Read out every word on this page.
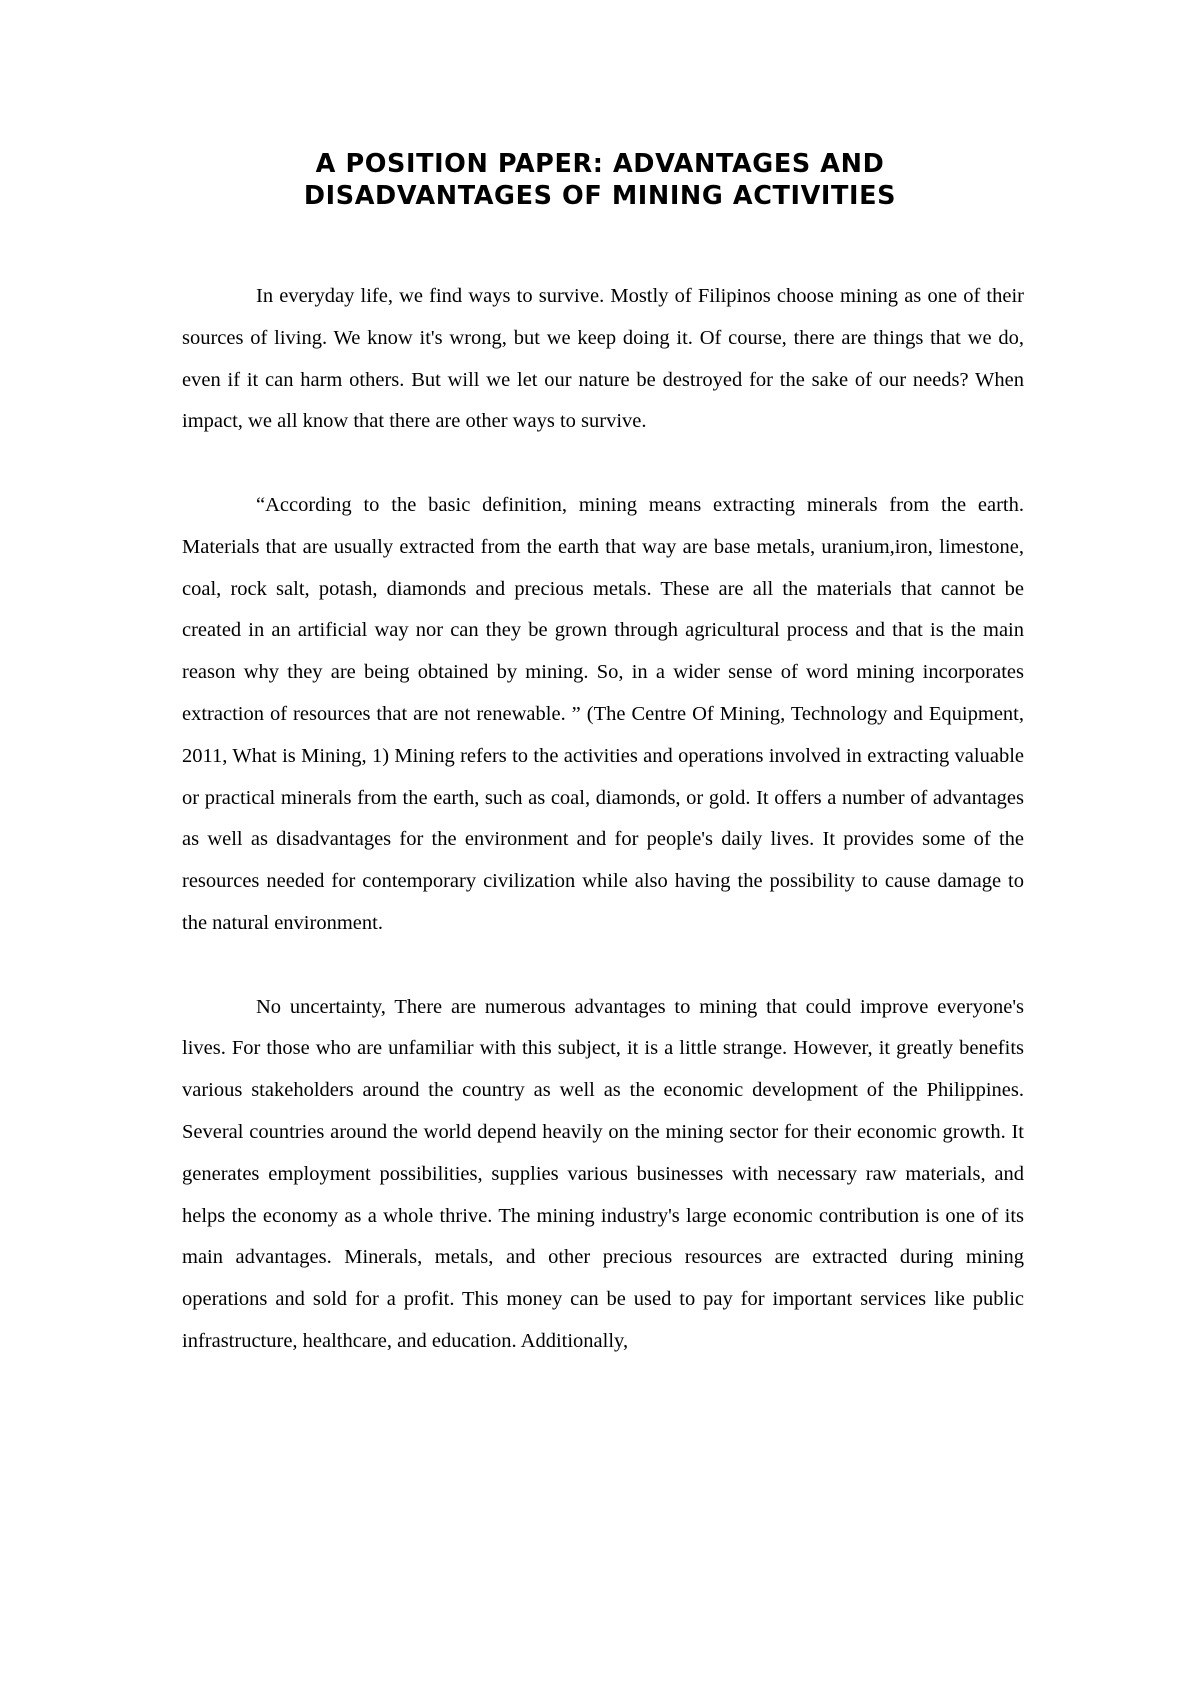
A POSITION PAPER: ADVANTAGES AND
DISADVANTAGES OF MINING ACTIVITIES

In everyday life, we find ways to survive. Mostly of Filipinos choose mining as one of their sources of living. We know it's wrong, but we keep doing it. Of course, there are things that we do, even if it can harm others. But will we let our nature be destroyed for the sake of our needs? When impact, we all know that there are other ways to survive.

“According to the basic definition, mining means extracting minerals from the earth. Materials that are usually extracted from the earth that way are base metals, uranium,iron, limestone, coal, rock salt, potash, diamonds and precious metals. These are all the materials that cannot be created in an artificial way nor can they be grown through agricultural process and that is the main reason why they are being obtained by mining. So, in a wider sense of word mining incorporates extraction of resources that are not renewable. ” (The Centre Of Mining, Technology and Equipment, 2011, What is Mining, 1) Mining refers to the activities and operations involved in extracting valuable or practical minerals from the earth, such as coal, diamonds, or gold. It offers a number of advantages as well as disadvantages for the environment and for people's daily lives. It provides some of the resources needed for contemporary civilization while also having the possibility to cause damage to the natural environment.

No uncertainty, There are numerous advantages to mining that could improve everyone's lives. For those who are unfamiliar with this subject, it is a little strange. However, it greatly benefits various stakeholders around the country as well as the economic development of the Philippines. Several countries around the world depend heavily on the mining sector for their economic growth. It generates employment possibilities, supplies various businesses with necessary raw materials, and helps the economy as a whole thrive. The mining industry's large economic contribution is one of its main advantages. Minerals, metals, and other precious resources are extracted during mining operations and sold for a profit. This money can be used to pay for important services like public infrastructure, healthcare, and education. Additionally,
